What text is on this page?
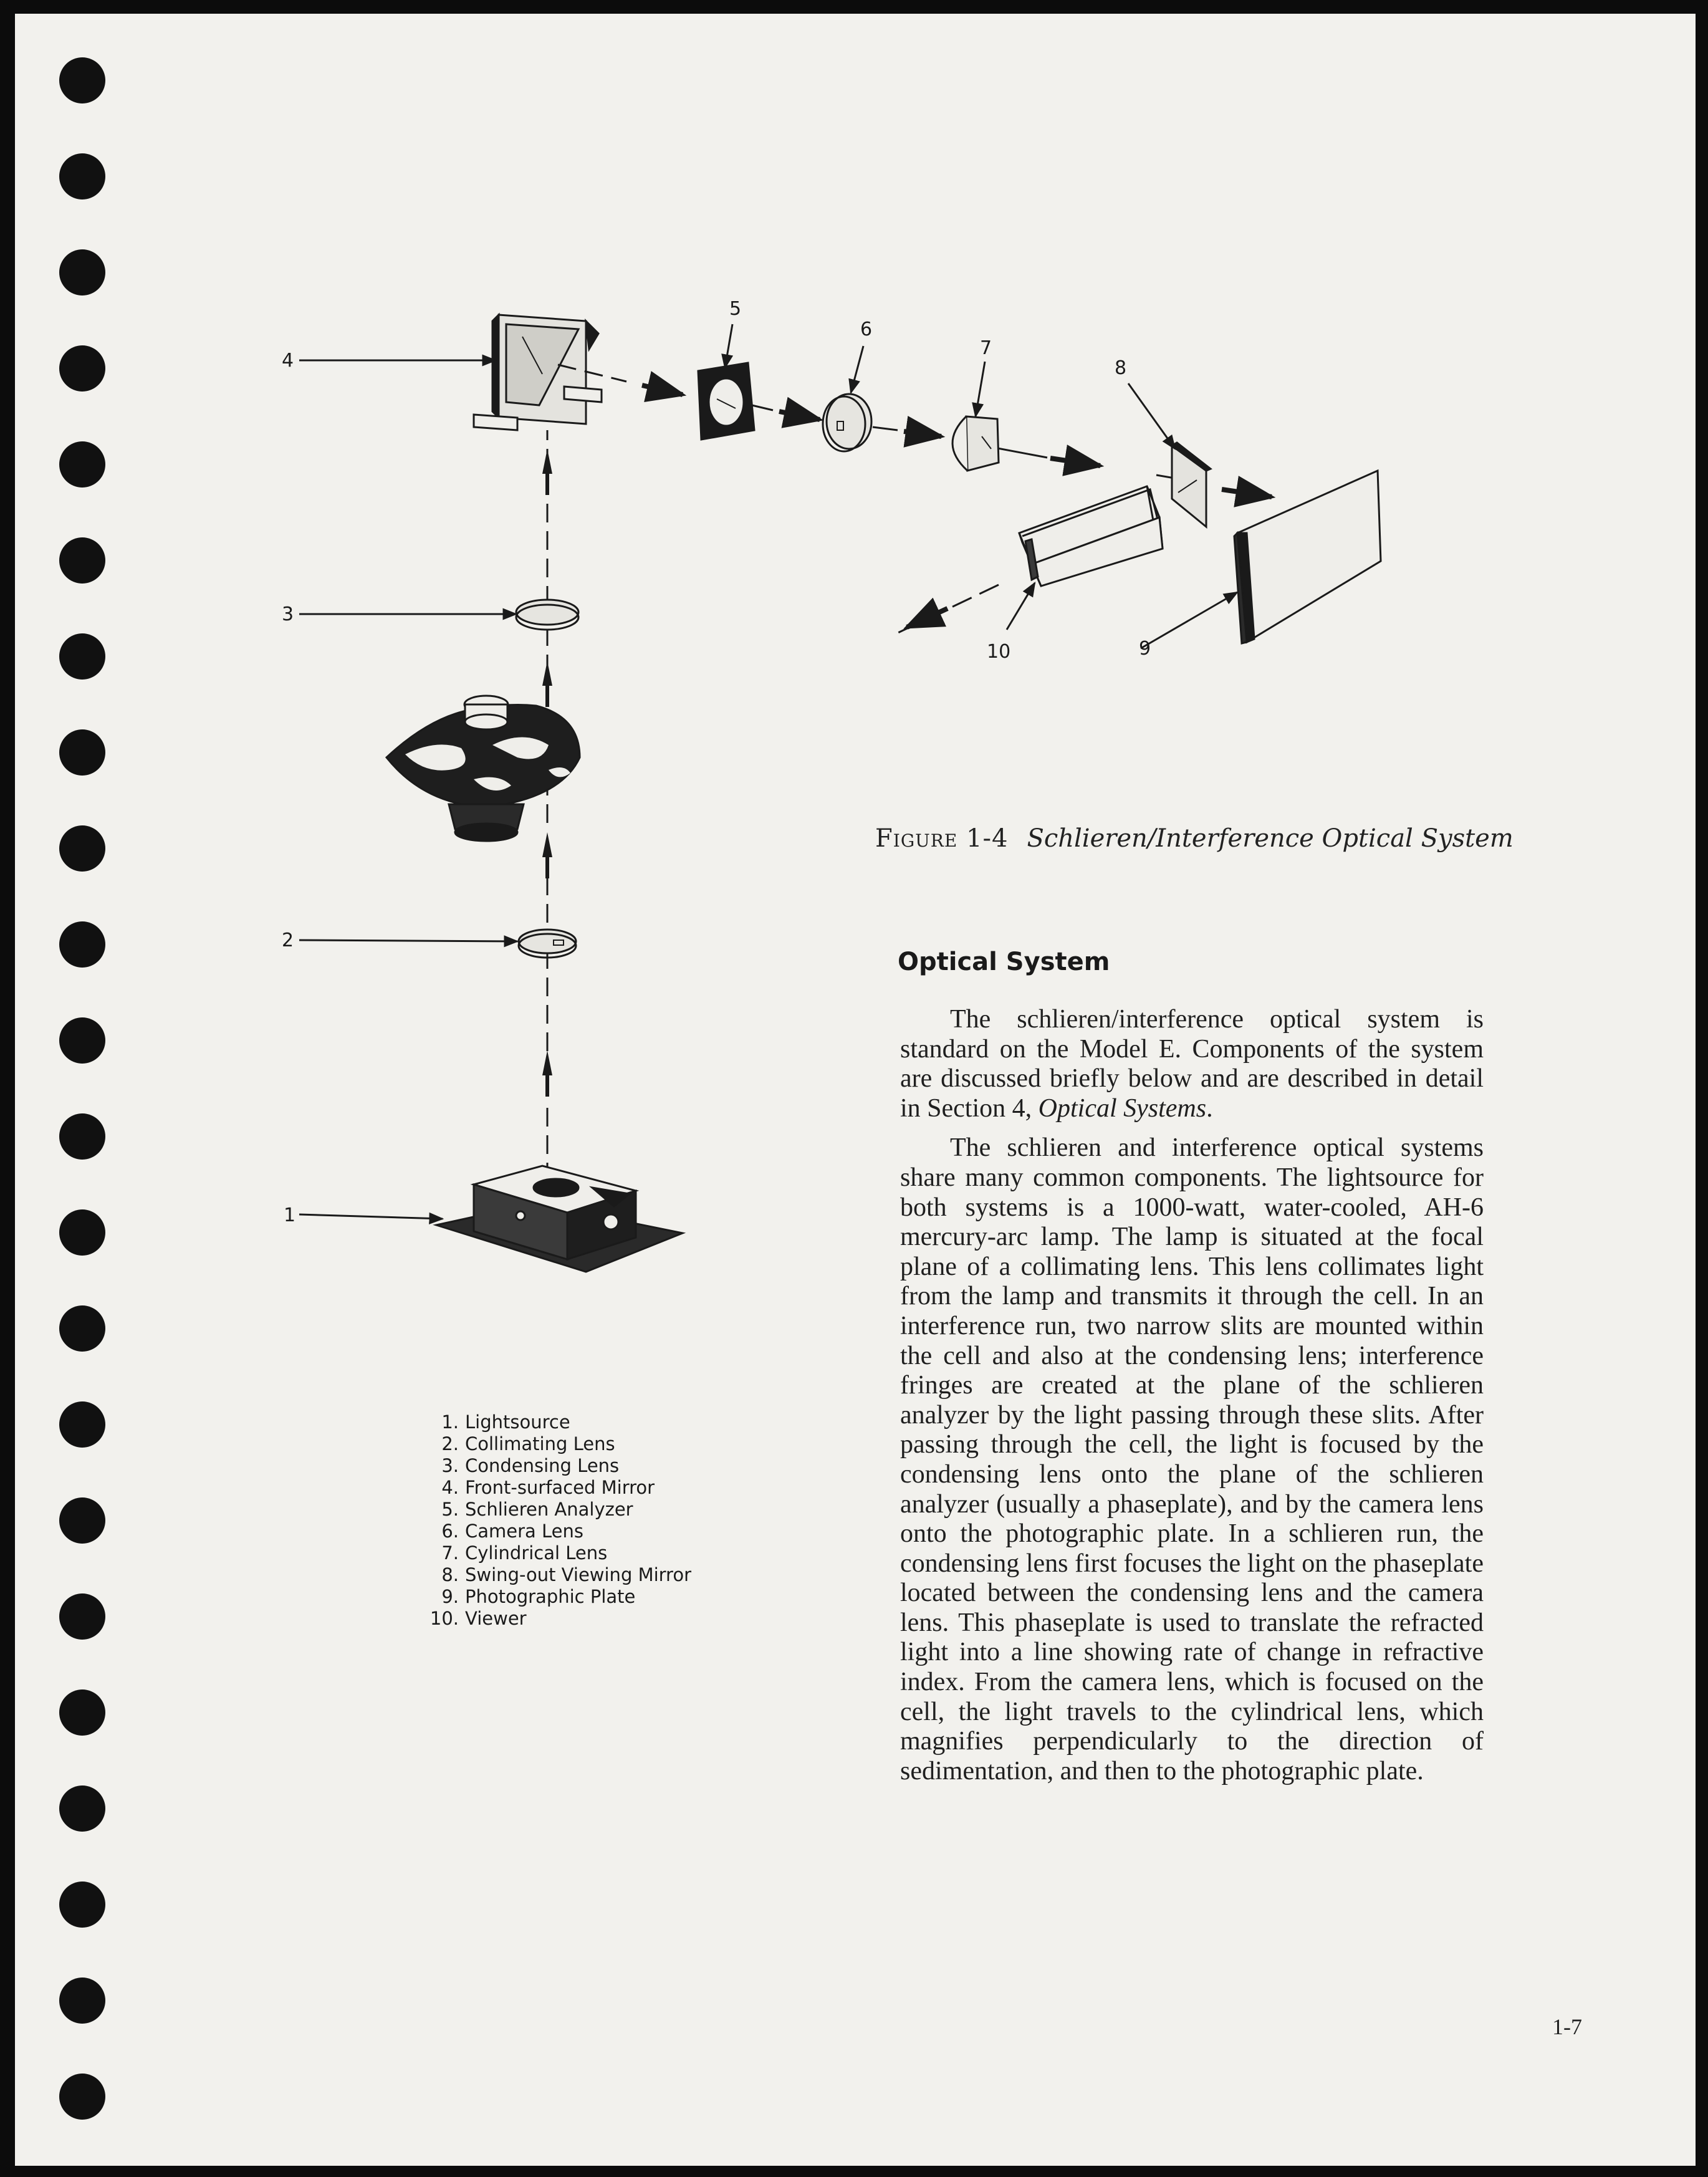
1
2
3
4
5
6
7
8
9
10
1. Lightsource
2. Collimating Lens
3. Condensing Lens
4. Front-surfaced Mirror
5. Schlieren Analyzer
6. Camera Lens
7. Cylindrical Lens
8. Swing-out Viewing Mirror
9. Photographic Plate
10. Viewer
Figure 1-4 Schlieren/Interference Optical System
Optical System

The schlieren/interference optical system is standard on the Model E. Components of the system are discussed briefly below and are described in detail in Section 4, Optical Systems.

The schlieren and interference optical systems share many common components. The lightsource for both systems is a 1000-watt, water-cooled, AH-6 mercury-arc lamp. The lamp is situated at the focal plane of a collimating lens. This lens collimates light from the lamp and transmits it through the cell. In an interference run, two narrow slits are mounted within the cell and also at the condensing lens; interference fringes are created at the plane of the schlieren analyzer by the light passing through these slits. After passing through the cell, the light is focused by the condensing lens onto the plane of the schlieren analyzer (usually a phaseplate), and by the camera lens onto the photographic plate. In a schlieren run, the condensing lens first focuses the light on the phaseplate located between the condensing lens and the camera lens. This phaseplate is used to translate the refracted light into a line showing rate of change in refractive index. From the camera lens, which is focused on the cell, the light travels to the cylindrical lens, which magnifies perpendicularly to the direction of sedimentation, and then to the photographic plate.

1-7
